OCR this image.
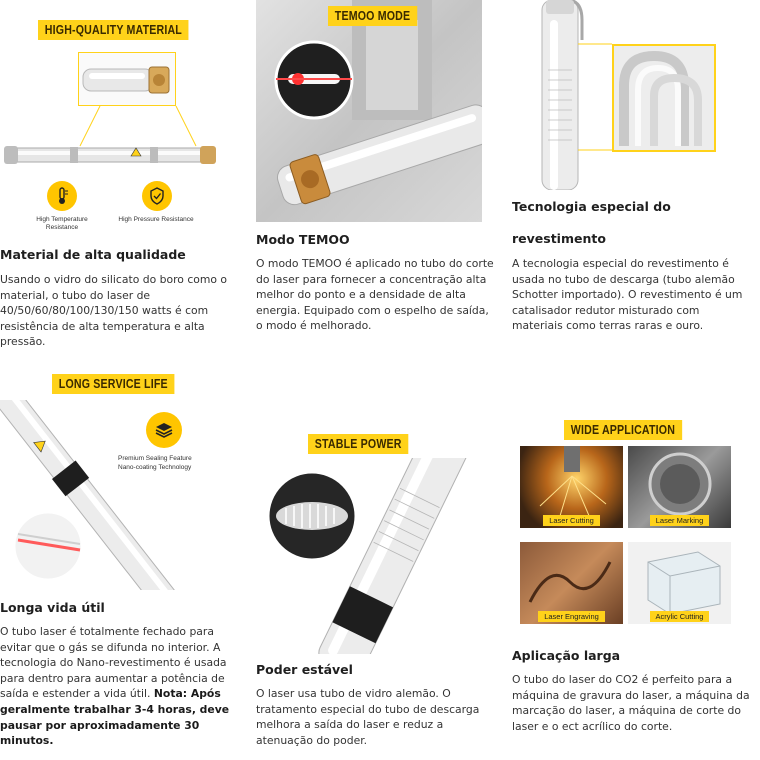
HIGH-QUALITY MATERIAL
High Temperature Resistance
High Pressure Resistance
Material de alta qualidade
Usando o vidro do silicato do boro como o material, o tubo do laser de 40/50/60/80/100/130/150 watts é com resistência de alta temperatura e alta pressão.
TEMOO MODE
Modo TEMOO
O modo TEMOO é aplicado no tubo do corte do laser para fornecer a concentração alta melhor do ponto e a densidade de alta energia. Equipado com o espelho de saída, o modo é melhorado.
Tecnologia especial do
revestimento
A tecnologia especial do revestimento é usada no tubo de descarga (tubo alemão Schotter importado). O revestimento é um catalisador redutor misturado com materiais como terras raras e ouro.
LONG SERVICE LIFE
Premium Sealing Feature
Nano-coating Technology
Longa vida útil
O tubo laser é totalmente fechado para evitar que o gás se difunda no interior. A tecnologia do Nano-revestimento é usada para dentro para aumentar a potência de saída e estender a vida útil. Nota: Após geralmente trabalhar 3-4 horas, deve pausar por aproximadamente 30 minutos.
STABLE POWER
KH laser
Poder estável
O laser usa tubo de vidro alemão. O tratamento especial do tubo de descarga melhora a saída do laser e reduz a atenuação do poder.
WIDE APPLICATION
Laser Cutting	Laser Marking
Laser Engraving	Acrylic Cutting
Aplicação larga
O tubo do laser do CO2 é perfeito para a máquina de gravura do laser, a máquina da marcação do laser, a máquina de corte do laser e o ect acrílico do corte.
